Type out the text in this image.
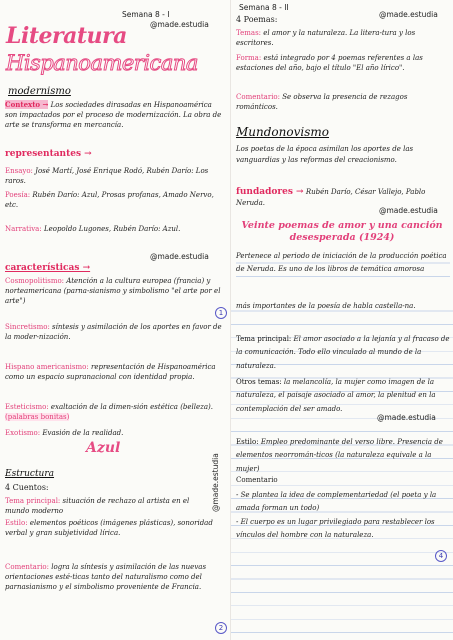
Semana 8 - I
@made.estudia
Literatura
Hispanoamericana
modernismo
Contexto → Los sociedades dirasadas en Hispanoamérica son impactados por el proceso de modernización. La obra de arte se transforma en mercancía.
representantes →
Ensayo: José Martí, José Enrique Rodó, Rubén Darío: Los raros.
Poesía: Rubén Darío: Azul, Prosas profanas, Amado Nervo, etc.
Narrativa: Leopoldo Lugones, Rubén Darío: Azul.
@made.estudia
características →
Cosmopolitismo: Atención a la cultura europea (francia) y norteamericana (parna-sianismo y simbolismo "el arte por el arte")
1
Sincretismo: síntesis y asimilación de los aportes en favor de la moder-nización.
Hispano americanismo: representación de Hispanoamérica como un espacio supranacional con identidad propia.
Esteticismo: exaltación de la dimen-sión estética (belleza). (palabras bonitas)
Exotismo: Evasión de la realidad.
Azul
@made.estudia
Estructura
4 Cuentos:
Tema principal: situación de rechazo al artista en el mundo moderno
Estilo: elementos poéticos (imágenes plásticas), sonoridad verbal y gran subjetividad lírica.
Comentario: logra la síntesis y asimilación de las nuevas orientaciones esté-ticas tanto del naturalismo como del parnasianismo y el simbolismo proveniente de Francia.
2
Semana 8 - II
@made.estudia
4 Poemas:
Temas: el amor y la naturaleza. La litera-tura y los escritores.
Forma: está integrado por 4 poemas referentes a las estaciones del año, bajo el título "El año lírico".
Comentario: Se observa la presencia de rezagos románticos.
Mundonovismo
Los poetas de la época asimilan los aportes de las vanguardias y las reformas del creacionismo.
fundadores → Rubén Darío, César Vallejo, Pablo Neruda.
@made.estudia
Veinte poemas de amor y una canción desesperada (1924)
Pertenece al periodo de iniciación de la producción poética de Neruda. Es uno de los libros de temática amorosa
más importantes de la poesía de habla castella-na.
Tema principal: El amor asociado a la lejanía y al fracaso de la comunicación. Todo ello vinculado al mundo de la naturaleza.
Otros temas: la melancolía, la mujer como imagen de la naturaleza, el paisaje asociado al amor, la plenitud en la contemplación del ser amado.
@made.estudia
Estilo: Empleo predominante del verso libre. Presencia de elementos neorromán-ticos (la naturaleza equivale a la mujer)
Comentario
- Se plantea la idea de complementariedad (el poeta y la amada forman un todo)
- El cuerpo es un lugar privilegiado para restablecer los vínculos del hombre con la naturaleza.
4
